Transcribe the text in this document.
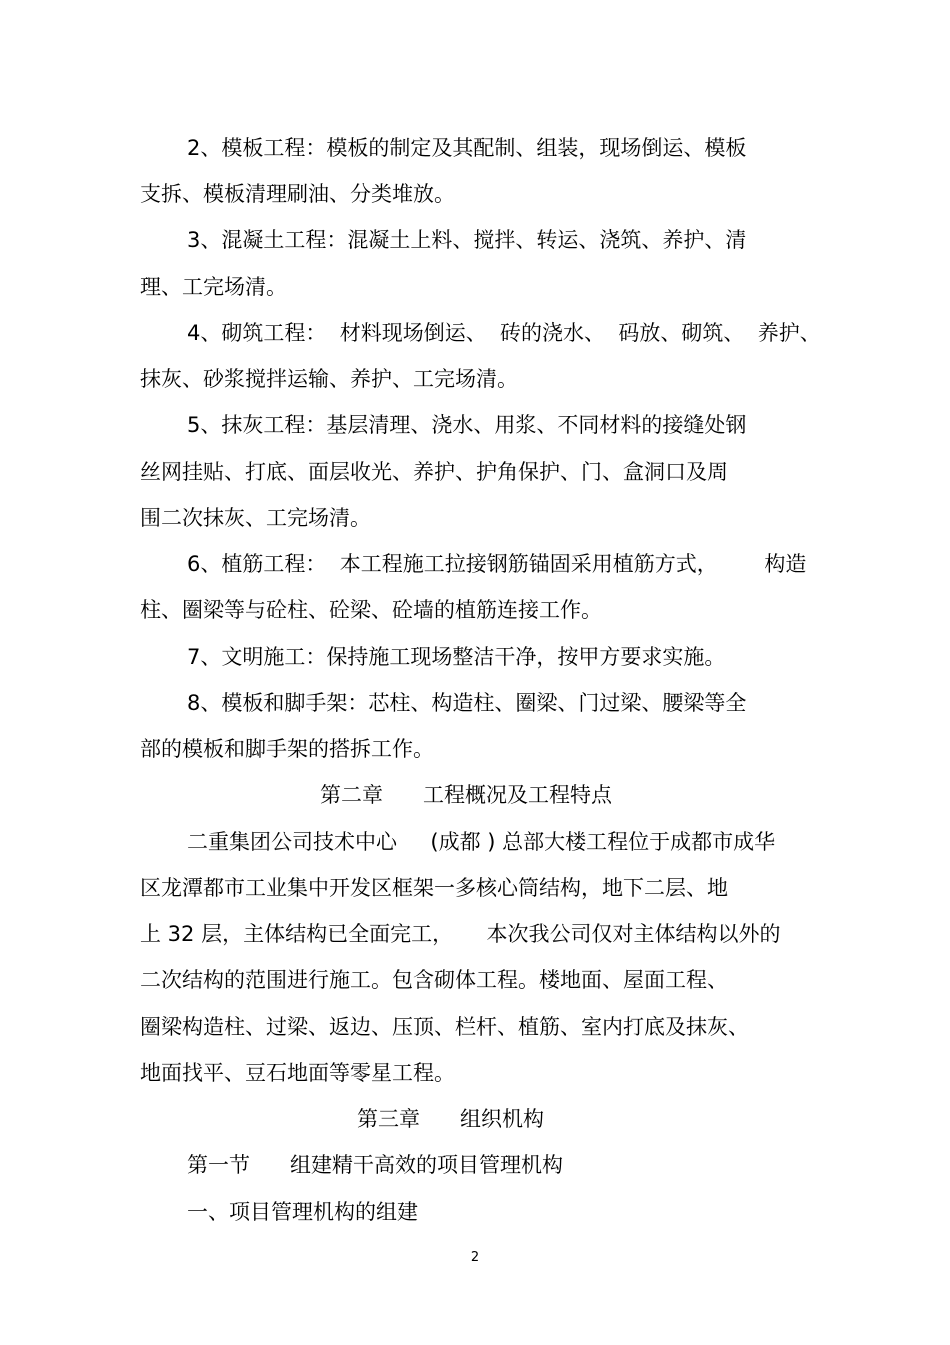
2、模板工程：模板的制定及其配制、组装，现场倒运、模板
支拆、模板清理刷油、分类堆放。
3、混凝土工程：混凝土上料、搅拌、转运、浇筑、养护、清
理、工完场清。
4、砌筑工程：  材料现场倒运、  砖的浇水、  码放、砌筑、  养护、
抹灰、砂浆搅拌运输、养护、工完场清。
5、抹灰工程：基层清理、浇水、用浆、不同材料的接缝处钢
丝网挂贴、打底、面层收光、养护、护角保护、门、盒洞口及周
围二次抹灰、工完场清。
6、植筋工程：  本工程施工拉接钢筋锚固采用植筋方式，       构造
柱、圈梁等与砼柱、砼梁、砼墙的植筋连接工作。
7、文明施工：保持施工现场整洁干净，按甲方要求实施。
8、模板和脚手架：芯柱、构造柱、圈梁、门过梁、腰梁等全
部的模板和脚手架的搭拆工作。
第二章      工程概况及工程特点
二重集团公司技术中心     (成都 ) 总部大楼工程位于成都市成华
区龙潭都市工业集中开发区框架一多核心筒结构，地下二层、地
上 32 层，主体结构已全面完工，     本次我公司仅对主体结构以外的
二次结构的范围进行施工。包含砌体工程。楼地面、屋面工程、
圈梁构造柱、过梁、返边、压顶、栏杆、植筋、室内打底及抹灰、
地面找平、豆石地面等零星工程。
第三章      组织机构
第一节      组建精干高效的项目管理机构
一、项目管理机构的组建
2
